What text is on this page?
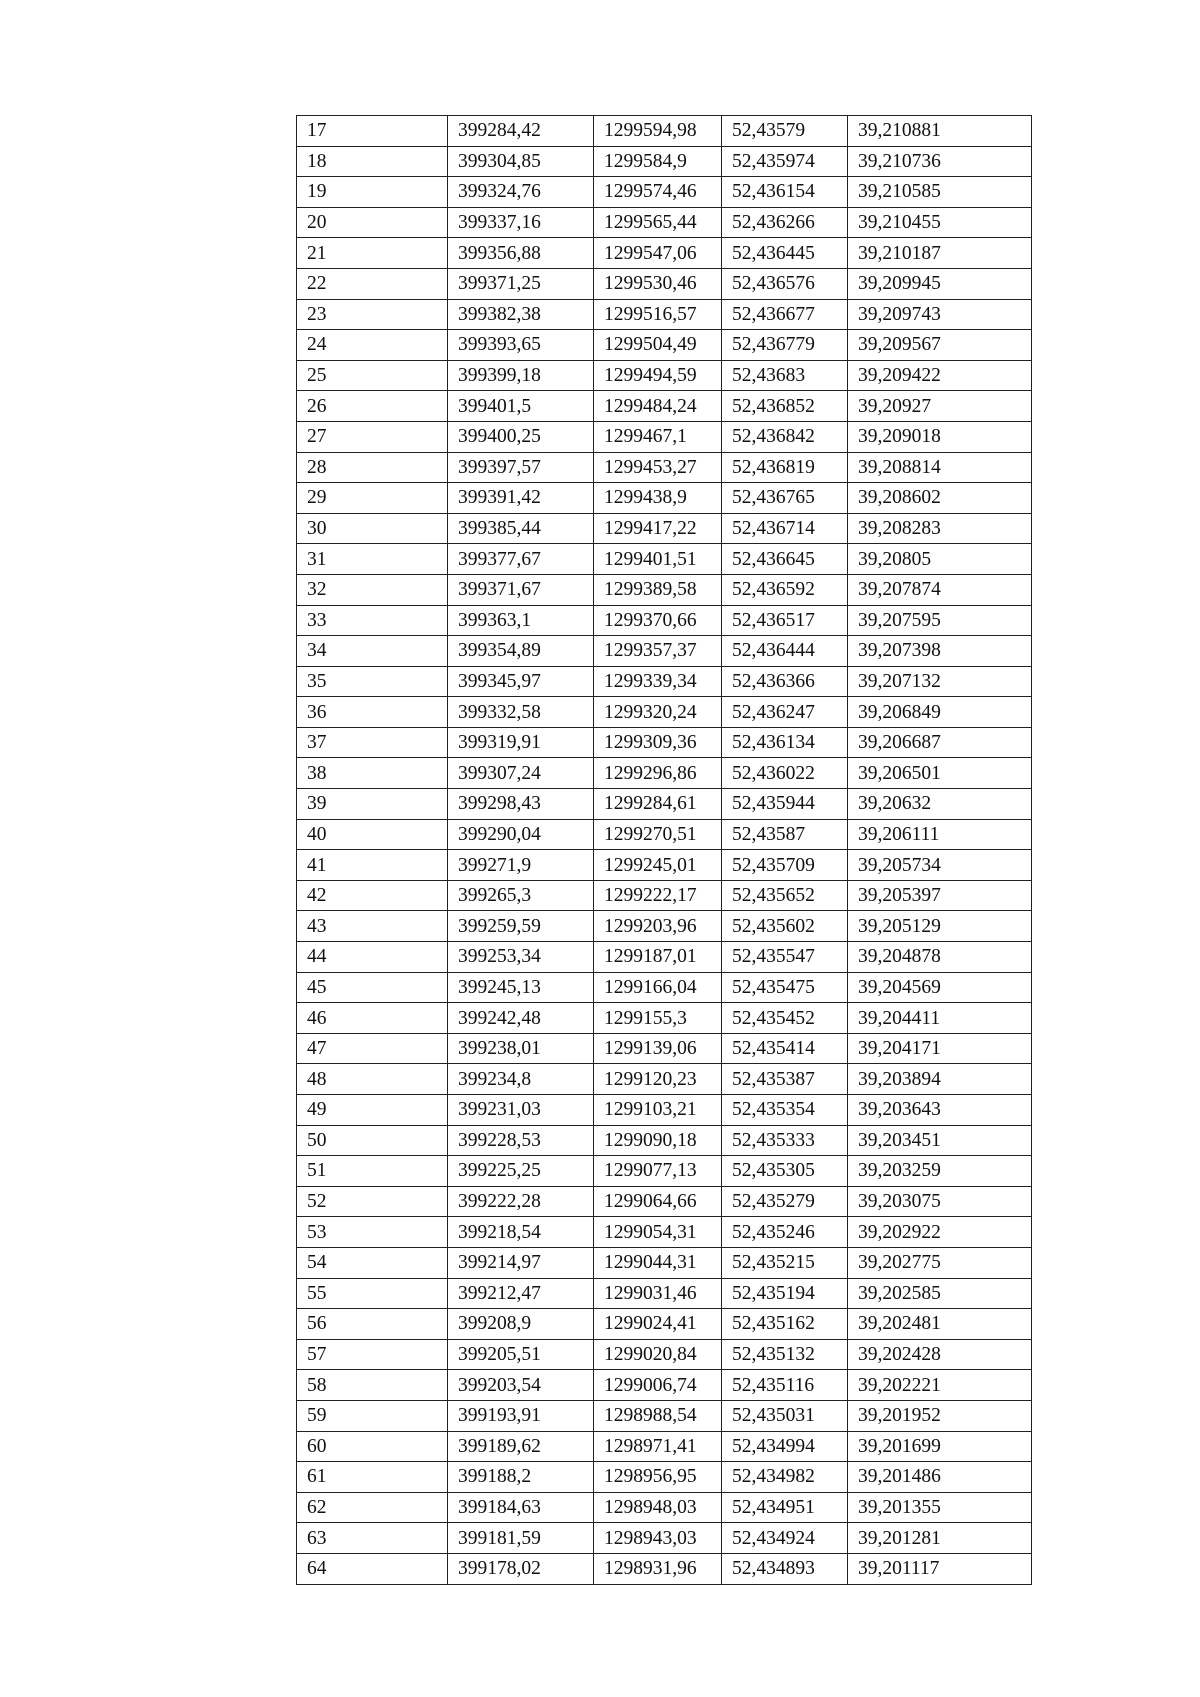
17	399284,42	1299594,98	52,43579	39,210881
18	399304,85	1299584,9	52,435974	39,210736
19	399324,76	1299574,46	52,436154	39,210585
20	399337,16	1299565,44	52,436266	39,210455
21	399356,88	1299547,06	52,436445	39,210187
22	399371,25	1299530,46	52,436576	39,209945
23	399382,38	1299516,57	52,436677	39,209743
24	399393,65	1299504,49	52,436779	39,209567
25	399399,18	1299494,59	52,43683	39,209422
26	399401,5	1299484,24	52,436852	39,20927
27	399400,25	1299467,1	52,436842	39,209018
28	399397,57	1299453,27	52,436819	39,208814
29	399391,42	1299438,9	52,436765	39,208602
30	399385,44	1299417,22	52,436714	39,208283
31	399377,67	1299401,51	52,436645	39,20805
32	399371,67	1299389,58	52,436592	39,207874
33	399363,1	1299370,66	52,436517	39,207595
34	399354,89	1299357,37	52,436444	39,207398
35	399345,97	1299339,34	52,436366	39,207132
36	399332,58	1299320,24	52,436247	39,206849
37	399319,91	1299309,36	52,436134	39,206687
38	399307,24	1299296,86	52,436022	39,206501
39	399298,43	1299284,61	52,435944	39,20632
40	399290,04	1299270,51	52,43587	39,206111
41	399271,9	1299245,01	52,435709	39,205734
42	399265,3	1299222,17	52,435652	39,205397
43	399259,59	1299203,96	52,435602	39,205129
44	399253,34	1299187,01	52,435547	39,204878
45	399245,13	1299166,04	52,435475	39,204569
46	399242,48	1299155,3	52,435452	39,204411
47	399238,01	1299139,06	52,435414	39,204171
48	399234,8	1299120,23	52,435387	39,203894
49	399231,03	1299103,21	52,435354	39,203643
50	399228,53	1299090,18	52,435333	39,203451
51	399225,25	1299077,13	52,435305	39,203259
52	399222,28	1299064,66	52,435279	39,203075
53	399218,54	1299054,31	52,435246	39,202922
54	399214,97	1299044,31	52,435215	39,202775
55	399212,47	1299031,46	52,435194	39,202585
56	399208,9	1299024,41	52,435162	39,202481
57	399205,51	1299020,84	52,435132	39,202428
58	399203,54	1299006,74	52,435116	39,202221
59	399193,91	1298988,54	52,435031	39,201952
60	399189,62	1298971,41	52,434994	39,201699
61	399188,2	1298956,95	52,434982	39,201486
62	399184,63	1298948,03	52,434951	39,201355
63	399181,59	1298943,03	52,434924	39,201281
64	399178,02	1298931,96	52,434893	39,201117
